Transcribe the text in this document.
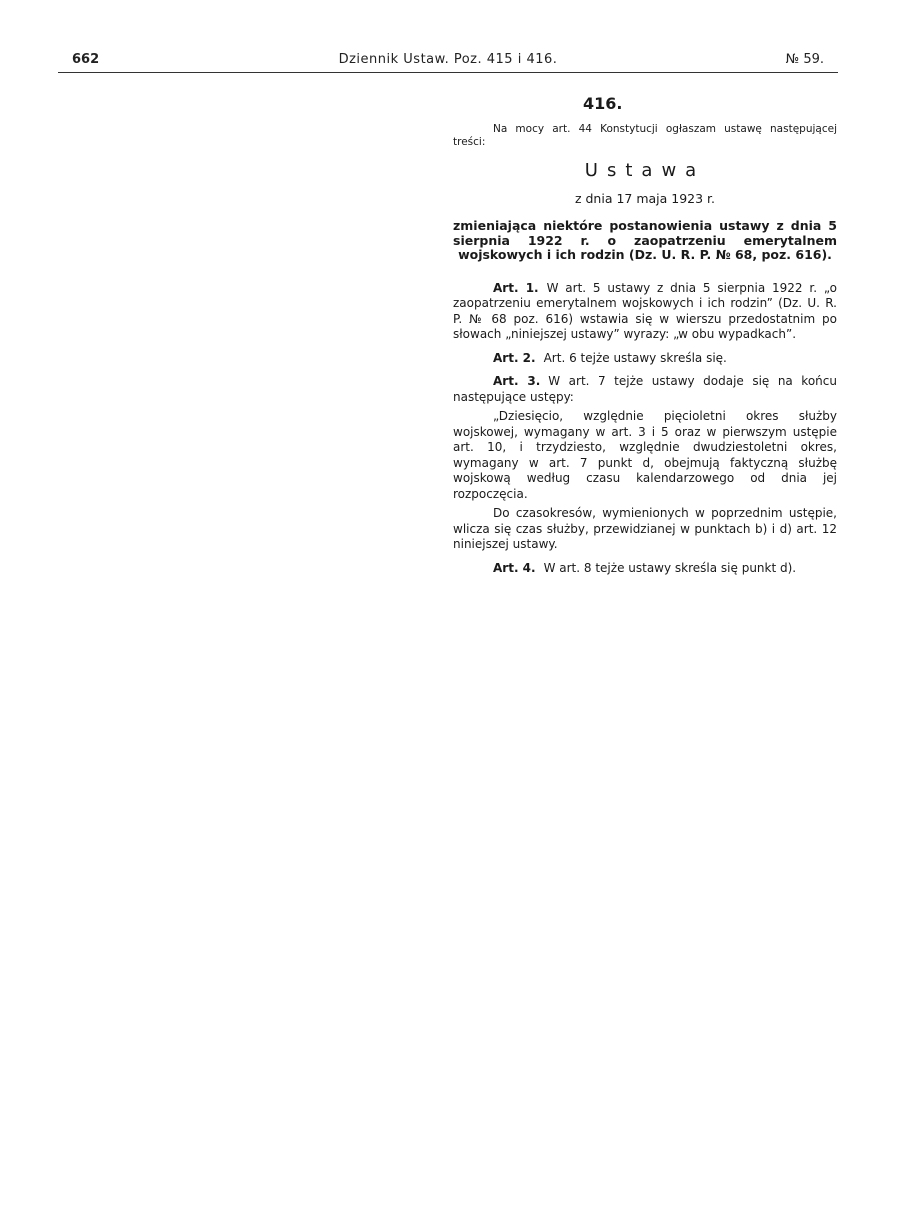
662	Dziennik Ustaw. Poz. 415 i 416.	№ 59.
416.

Na mocy art. 44 Konstytucji ogłaszam ustawę następującej treści:

Ustawa
z dnia 17 maja 1923 r.

zmieniająca niektóre postanowienia ustawy z dnia 5 sierpnia 1922 r. o zaopatrzeniu emerytalnem wojskowych i ich rodzin (Dz. U. R. P. № 68, poz. 616).

Art. 1. W art. 5 ustawy z dnia 5 sierpnia 1922 r. „o zaopatrzeniu emerytalnem wojskowych i ich rodzin” (Dz. U. R. P. № 68 poz. 616) wstawia się w wierszu przedostatnim po słowach „niniejszej ustawy” wyrazy: „w obu wypadkach”.

Art. 2. Art. 6 tejże ustawy skreśla się.

Art. 3. W art. 7 tejże ustawy dodaje się na końcu następujące ustępy:

„Dziesięcio, względnie pięcioletni okres służby wojskowej, wymagany w art. 3 i 5 oraz w pierwszym ustępie art. 10, i trzydziesto, względnie dwudziestoletni okres, wymagany w art. 7 punkt d, obejmują faktyczną służbę wojskową według czasu kalendarzowego od dnia jej rozpoczęcia.

Do czasokresów, wymienionych w poprzednim ustępie, wlicza się czas służby, przewidzianej w punktach b) i d) art. 12 niniejszej ustawy.

Art. 4. W art. 8 tejże ustawy skreśla się punkt d).
